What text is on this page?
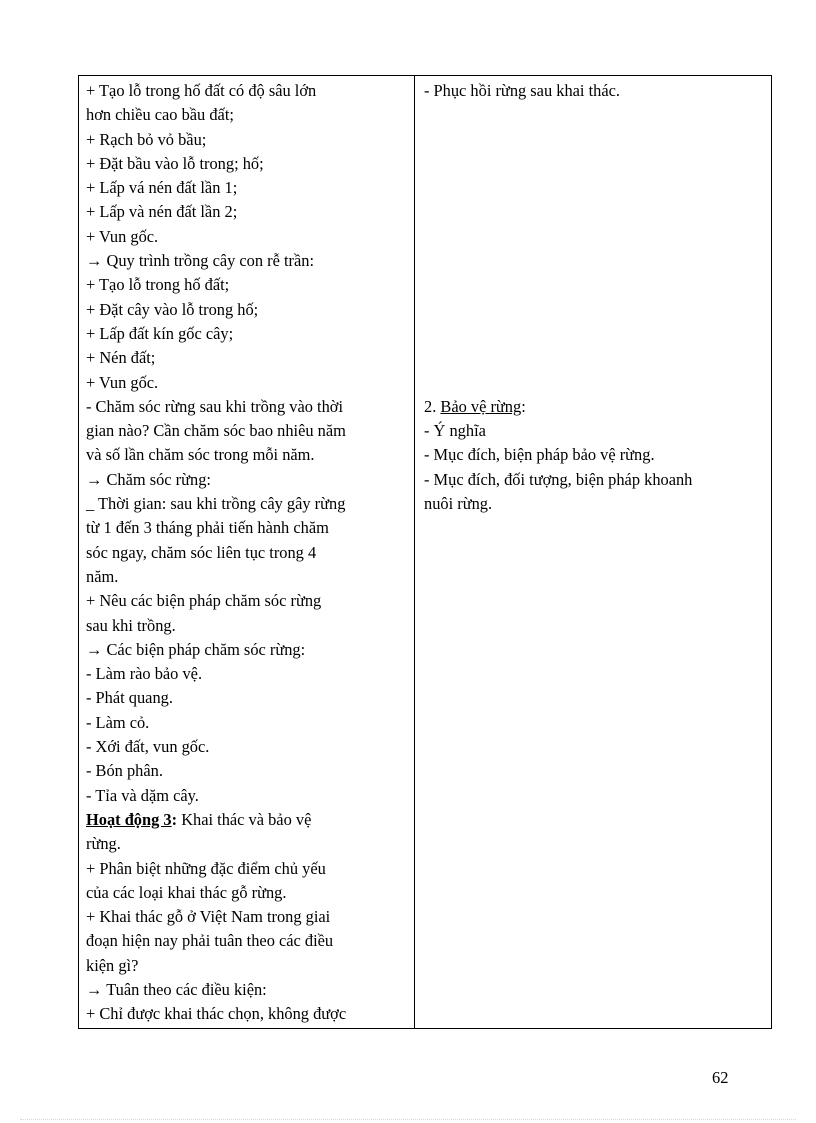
+ Tạo lỗ trong hố đất có độ sâu lớn
hơn chiều cao bầu đất;
+ Rạch bỏ vỏ bầu;
+ Đặt bầu vào lỗ trong; hố;
+ Lấp vá nén đất lần 1;
+ Lấp và nén đất lần 2;
+ Vun gốc.
→ Quy trình trồng cây con rễ trần:
+ Tạo lỗ trong hố đất;
+ Đặt cây vào lỗ trong hố;
+ Lấp đất kín gốc cây;
+ Nén đất;
+ Vun gốc.
- Chăm sóc rừng sau khi trồng vào thời
gian nào? Cần chăm sóc bao nhiêu năm
và số lần chăm sóc trong mỗi năm.
→ Chăm sóc rừng:
_ Thời gian: sau khi trồng cây gây rừng
từ 1 đến 3 tháng phải tiến hành chăm
sóc ngay, chăm sóc liên tục trong 4
năm.
+ Nêu các biện pháp chăm sóc rừng
sau khi trồng.
→ Các biện pháp chăm sóc rừng:
- Làm rào bảo vệ.
- Phát quang.
- Làm cỏ.
- Xới đất, vun gốc.
- Bón phân.
- Tỉa và dặm cây.
Hoạt động 3: Khai thác và bảo vệ
rừng.
+ Phân biệt những đặc điểm chủ yếu
của các loại khai thác gỗ rừng.
+ Khai thác gỗ ở Việt Nam trong giai
đoạn hiện nay phải tuân theo các điều
kiện gì?
→ Tuân theo các điều kiện:
+ Chỉ được khai thác chọn, không được
- Phục hồi rừng sau khai thác.
2. Bảo vệ rừng:
- Ý nghĩa
- Mục đích, biện pháp bảo vệ rừng.
- Mục đích, đối tượng, biện pháp khoanh
nuôi rừng.
62
